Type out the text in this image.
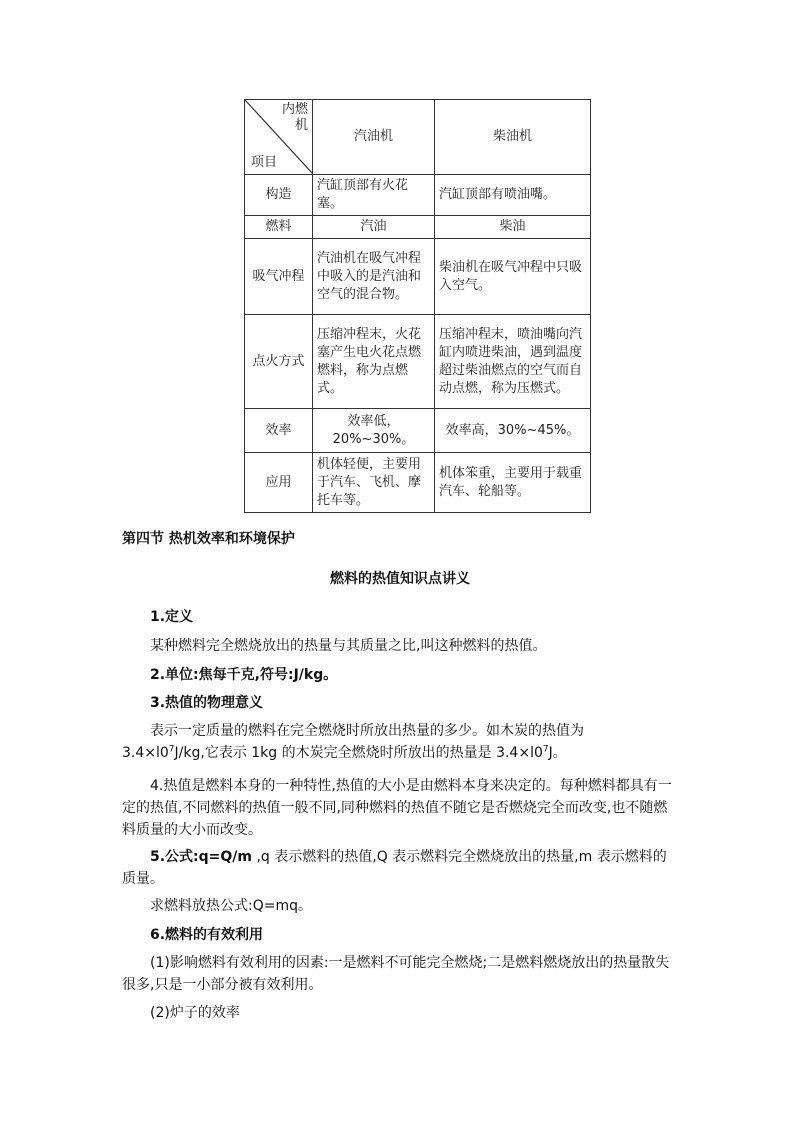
内燃机
项目	汽油机	柴油机
构造	汽缸顶部有火花塞。	汽缸顶部有喷油嘴。
燃料	汽油	柴油
吸气冲程	汽油机在吸气冲程中吸入的是汽油和空气的混合物。	柴油机在吸气冲程中只吸入空气。
点火方式	压缩冲程末，火花塞产生电火花点燃燃料，称为点燃式。	压缩冲程末，喷油嘴向汽缸内喷进柴油，遇到温度超过柴油燃点的空气而自动点燃，称为压燃式。
效率	效率低，20%~30%。	效率高，30%~45%。
应用	机体轻便，主要用于汽车、飞机、摩托车等。	机体笨重，主要用于载重汽车、轮船等。
第四节 热机效率和环境保护
燃料的热值知识点讲义
1.定义
某种燃料完全燃烧放出的热量与其质量之比,叫这种燃料的热值。
2.单位:焦每千克,符号:J/kg。
3.热值的物理意义
表示一定质量的燃料在完全燃烧时所放出热量的多少。如木炭的热值为
$3.4\times l0^7J/kg$,它表示 1kg 的木炭完全燃烧时所放出的热量是 $3.4\times l0^7J$。
4.热值是燃料本身的一种特性,热值的大小是由燃料本身来决定的。每种燃料都具有一定的热值,不同燃料的热值一般不同,同种燃料的热值不随它是否燃烧完全而改变,也不随燃料质量的大小而改变。
5.公式:q=Q/m ,q 表示燃料的热值,Q 表示燃料完全燃烧放出的热量,m 表示燃料的质量。
求燃料放热公式:Q=mq。
6.燃料的有效利用
(1)影响燃料有效利用的因素:一是燃料不可能完全燃烧;二是燃料燃烧放出的热量散失很多,只是一小部分被有效利用。
(2)炉子的效率
